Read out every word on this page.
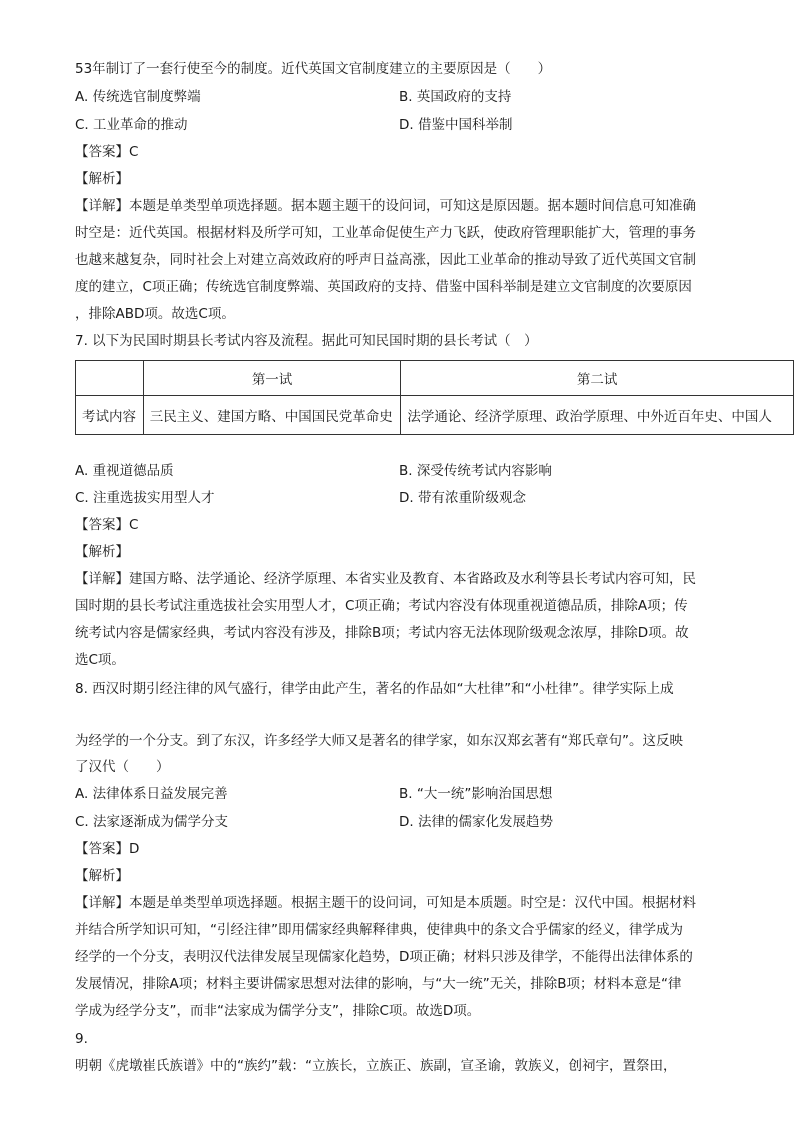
53年制订了一套行使至今的制度。近代英国文官制度建立的主要原因是（　　）
A. 传统选官制度弊端	B. 英国政府的支持
C. 工业革命的推动	D. 借鉴中国科举制
【答案】C
【解析】
【详解】本题是单类型单项选择题。据本题主题干的设问词，可知这是原因题。据本题时间信息可知准确
时空是：近代英国。根据材料及所学可知，工业革命促使生产力飞跃，使政府管理职能扩大，管理的事务
也越来越复杂，同时社会上对建立高效政府的呼声日益高涨，因此工业革命的推动导致了近代英国文官制
度的建立，C项正确；传统选官制度弊端、英国政府的支持、借鉴中国科举制是建立文官制度的次要原因
，排除ABD项。故选C项。
7. 以下为民国时期县长考试内容及流程。据此可知民国时期的县长考试（　）
	第一试	第二试
考试内容	三民主义、建国方略、中国国民党革命史	法学通论、经济学原理、政治学原理、中外近百年史、中国人
A. 重视道德品质	B. 深受传统考试内容影响
C. 注重选拔实用型人才	D. 带有浓重阶级观念
【答案】C
【解析】
【详解】建国方略、法学通论、经济学原理、本省实业及教育、本省路政及水利等县长考试内容可知，民
国时期的县长考试注重选拔社会实用型人才，C项正确；考试内容没有体现重视道德品质，排除A项；传
统考试内容是儒家经典，考试内容没有涉及，排除B项；考试内容无法体现阶级观念浓厚，排除D项。故
选C项。
8. 西汉时期引经注律的风气盛行，律学由此产生，著名的作品如“大杜律”和“小杜律”。律学实际上成
为经学的一个分支。到了东汉，许多经学大师又是著名的律学家，如东汉郑玄著有“郑氏章句”。这反映
了汉代（　　）
A. 法律体系日益发展完善	B. “大一统”影响治国思想
C. 法家逐渐成为儒学分支	D. 法律的儒家化发展趋势
【答案】D
【解析】
【详解】本题是单类型单项选择题。根据主题干的设问词，可知是本质题。时空是：汉代中国。根据材料
并结合所学知识可知，“引经注律”即用儒家经典解释律典，使律典中的条文合乎儒家的经义，律学成为
经学的一个分支，表明汉代法律发展呈现儒家化趋势，D项正确；材料只涉及律学，不能得出法律体系的
发展情况，排除A项；材料主要讲儒家思想对法律的影响，与“大一统”无关，排除B项；材料本意是“律
学成为经学分支”，而非“法家成为儒学分支”，排除C项。故选D项。
9.
明朝《虎墩崔氏族谱》中的“族约”载：“立族长，立族正、族副，宣圣谕，敦族义，创祠宇，置祭田，
